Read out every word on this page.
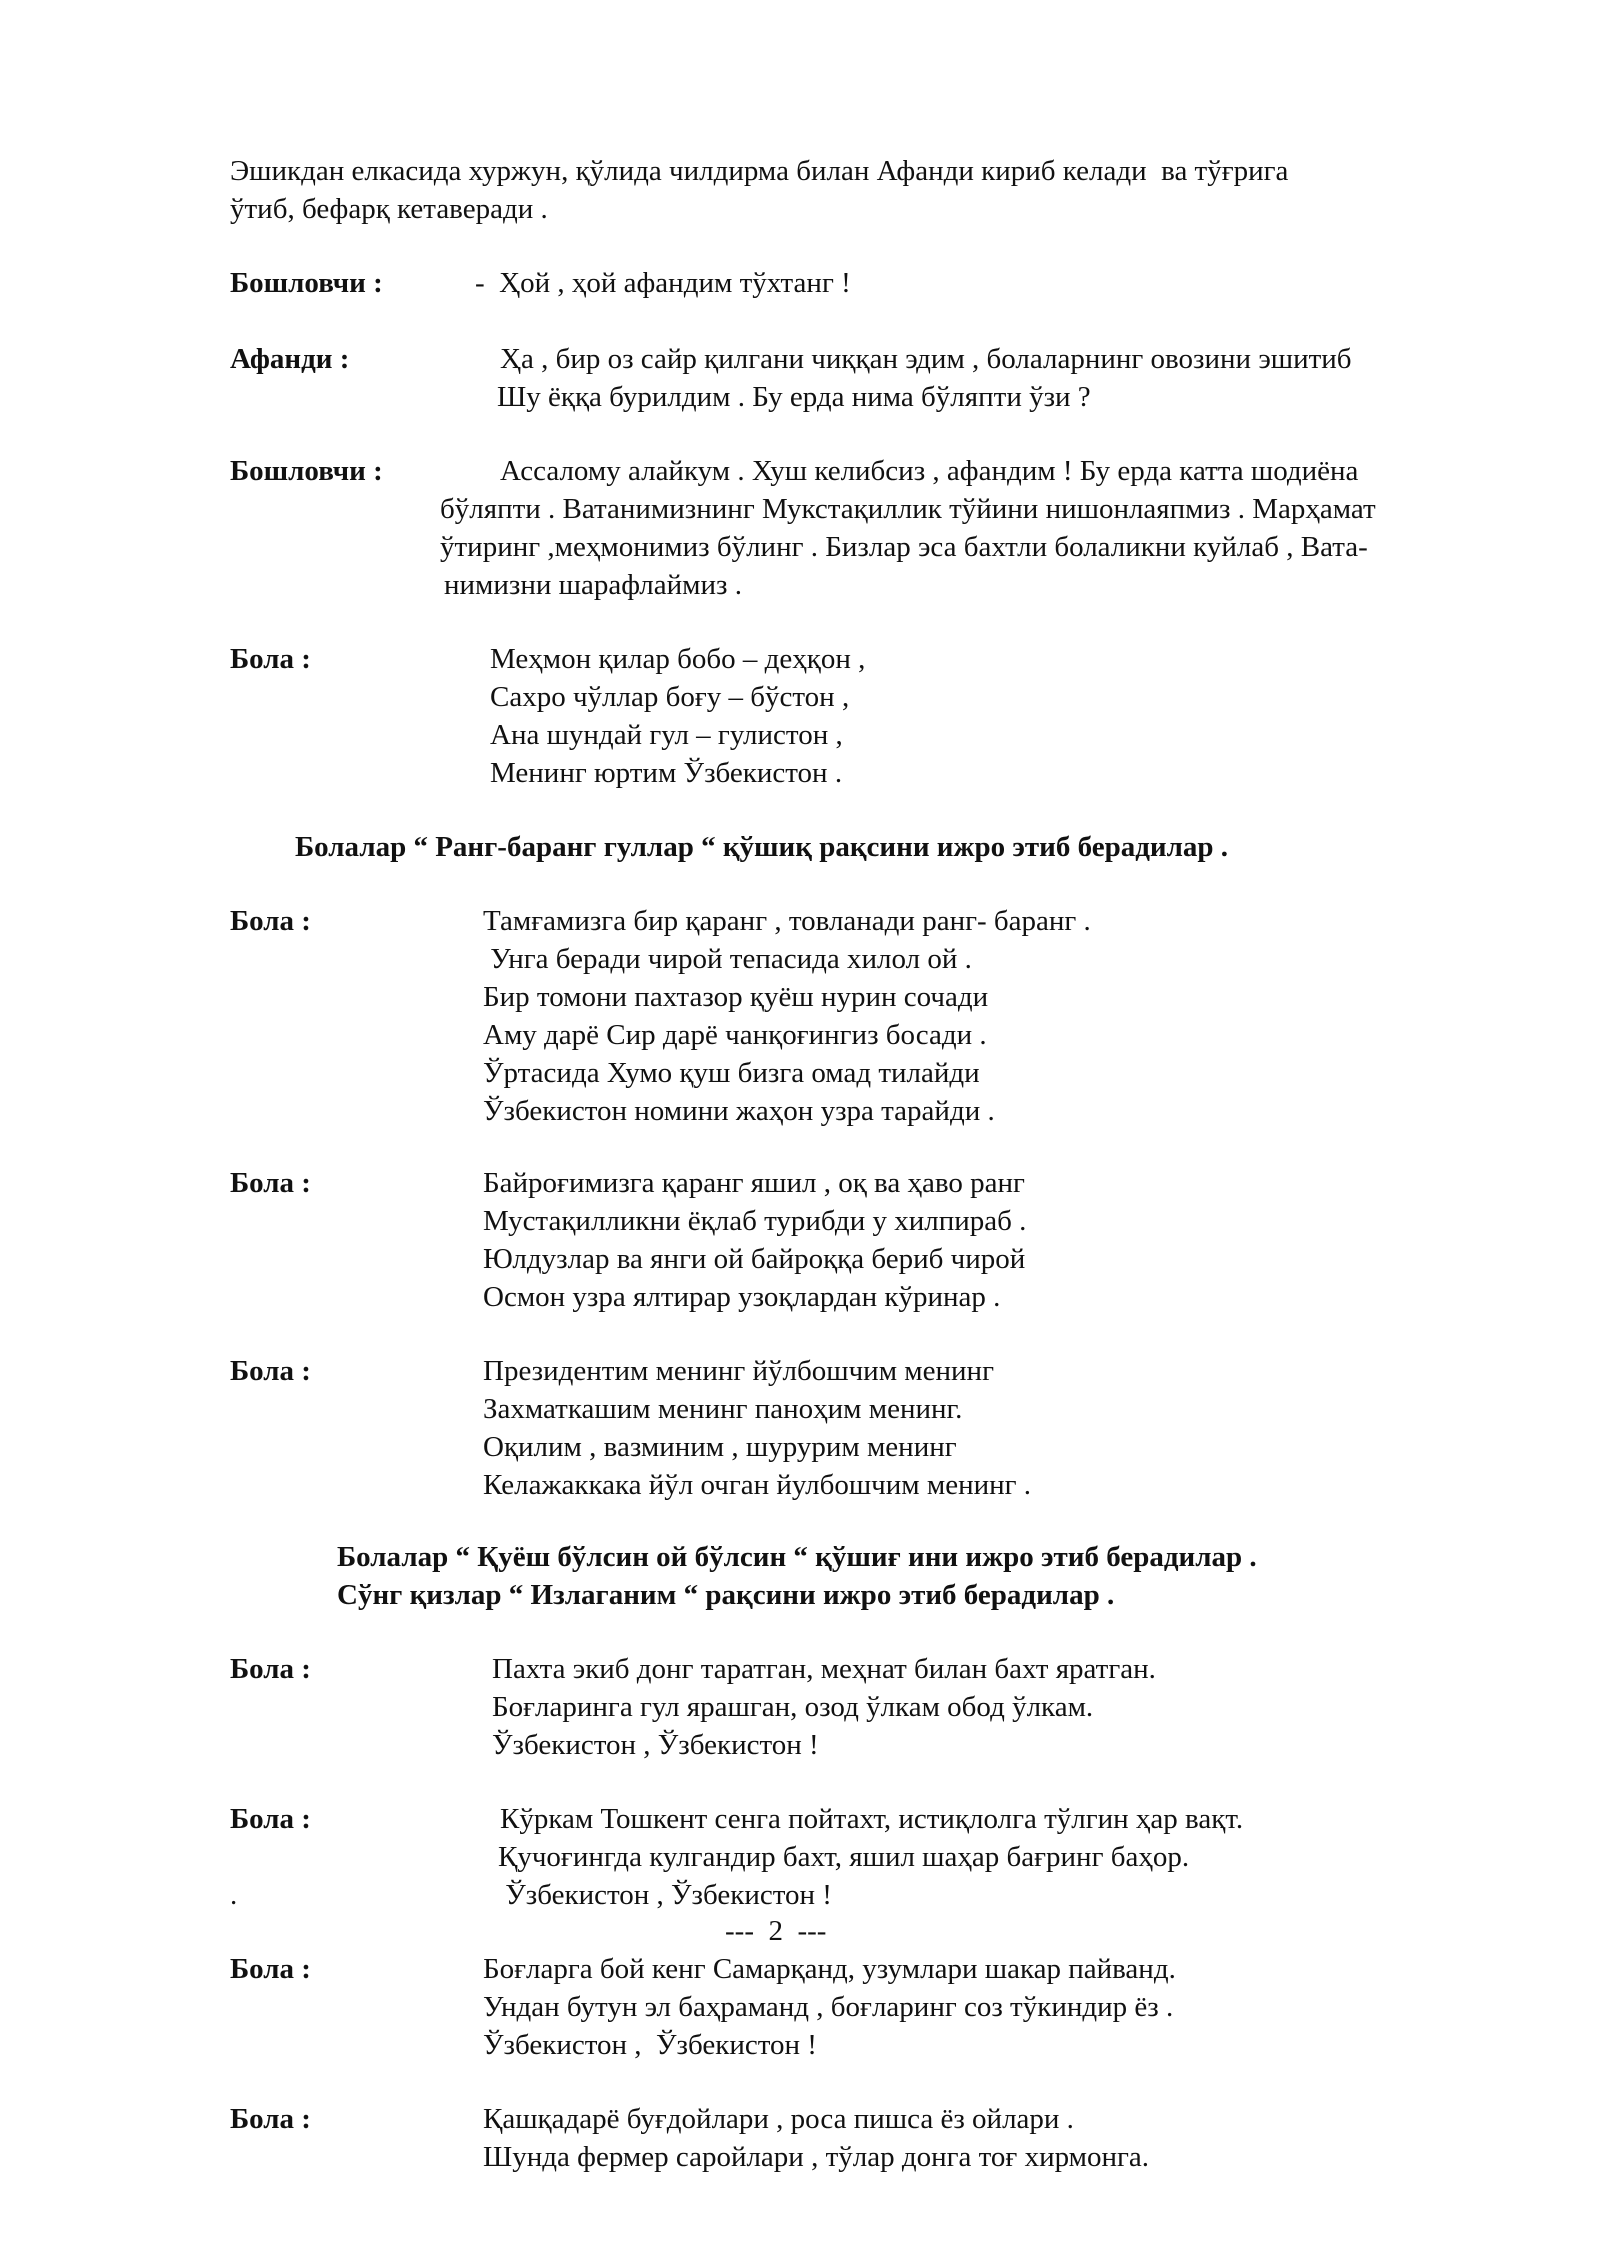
Эшикдан елкасида хуржун, қўлида чилдирма билан Афанди кириб келади  ва тўғрига
ўтиб, бефарқ кетаверади .
Бошловчи :	-  Ҳой , ҳой афандим тўхтанг !
Афанди :	Ҳа , бир оз сайр қилгани чиққан эдим , болаларнинг овозини эшитиб
Шу ёққа бурилдим . Бу ерда нима бўляпти ўзи ?
Бошловчи :	Ассалому алайкум . Хуш келибсиз , афандим ! Бу ерда катта шодиёна
бўляпти . Ватанимизнинг Мукстақиллик тўйини нишонлаяпмиз . Марҳамат
ўтиринг ,меҳмонимиз бўлинг . Бизлар эса бахтли болаликни куйлаб , Вата-
нимизни шарафлаймиз .
Бола :	Меҳмон қилар бобо – деҳқон ,
Сахро чўллар боғу – бўстон ,
Ана шундай гул – гулистон ,
Менинг юртим Ўзбекистон .
Болалар “ Ранг-баранг гуллар “ қўшиқ рақсини ижро этиб берадилар .
Бола :	Тамғамизга бир қаранг , товланади ранг- баранг .
Унга беради чирой тепасида хилол ой .
Бир томони пахтазор қуёш нурин сочади
Аму дарё Сир дарё чанқоғингиз босади .
Ўртасида Хумо қуш бизга омад тилайди
Ўзбекистон номини жаҳон узра тарайди .
Бола :	Байроғимизга қаранг яшил , оқ ва ҳаво ранг
Мустақилликни ёқлаб турибди у хилпираб .
Юлдузлар ва янги ой байроққа бериб чирой
Осмон узра ялтирар узоқлардан кўринар .
Бола :	Президентим менинг йўлбошчим менинг
Захматкашим менинг паноҳим менинг.
Оқилим , вазминим , шурурим менинг
Келажаккака йўл очган йулбошчим менинг .
Болалар “ Қуёш бўлсин ой бўлсин “ қўшиғ ини ижро этиб берадилар .
Сўнг қизлар “ Излаганим “ рақсини ижро этиб берадилар .
Бола :	Пахта экиб донг таратган, меҳнат билан бахт яратган.
Боғларинга гул ярашган, озод ўлкам обод ўлкам.
Ўзбекистон , Ўзбекистон !
Бола :	Кўркам Тошкент сенга пойтахт, истиқлолга тўлгин ҳар вақт.
Қучоғингда кулгандир бахт, яшил шаҳар бағринг баҳор.
.	Ўзбекистон , Ўзбекистон !
---  2  ---
Бола :	Боғларга бой кенг Самарқанд, узумлари шакар пайванд.
Ундан бутун эл баҳраманд , боғларинг соз тўкиндир ёз .
Ўзбекистон ,  Ўзбекистон !
Бола :	Қашқадарё буғдойлари , роса пишса ёз ойлари .
Шунда фермер саройлари , тўлар донга тоғ хирмонга.
